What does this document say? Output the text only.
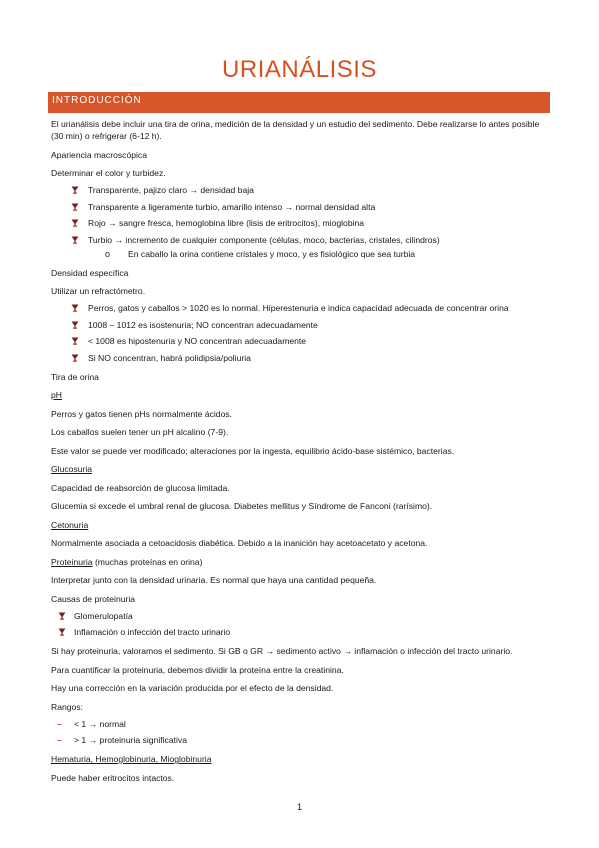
URIANÁLISIS
INTRODUCCIÓN

El urianálisis debe incluir una tira de orina, medición de la densidad y un estudio del sedimento. Debe realizarse lo antes posible (30 min) o refrigerar (6-12 h).

Apariencia macroscópica

Determinar el color y turbidez.

Transparente, pajizo claro → densidad baja
Transparente a ligeramente turbio, amarillo intenso → normal densidad alta
Rojo → sangre fresca, hemoglobina libre (lisis de eritrocitos), mioglobina
Turbio → incremento de cualquier componente (células, moco, bacterias, cristales, cilindros)
o En caballo la orina contiene cristales y moco, y es fisiológico que sea turbia

Densidad específica

Utilizar un refractómetro.

Perros, gatos y caballos > 1020 es lo normal. Hiperestenuria e indica capacidad adecuada de concentrar orina
1008 – 1012 es isostenuria; NO concentran adecuadamente
< 1008 es hipostenuria y NO concentran adecuadamente
Si NO concentran, habrá polidipsia/poliuria

Tira de orina

pH

Perros y gatos tienen pHs normalmente ácidos.

Los caballos suelen tener un pH alcalino (7-9).

Este valor se puede ver modificado; alteraciones por la ingesta, equilibrio ácido-base sistémico, bacterias.

Glucosuria

Capacidad de reabsorción de glucosa limitada.

Glucemia si excede el umbral renal de glucosa. Diabetes mellitus y Síndrome de Fanconi (rarísimo).

Cetonuria

Normalmente asociada a cetoacidosis diabética. Debido a la inanición hay acetoacetato y acetona.

Proteinuria (muchas proteínas en orina)

Interpretar junto con la densidad urinaria. Es normal que haya una cantidad pequeña.

Causas de proteinuria

Glomerulopatía
Inflamación o infección del tracto urinario

Si hay proteinuria, valoramos el sedimento. Si GB o GR → sedimento activo → inflamación o infección del tracto urinario.

Para cuantificar la proteinuria, debemos dividir la proteína entre la creatinina.

Hay una corrección en la variación producida por el efecto de la densidad.

Rangos:

– < 1 → normal
– > 1 → proteinuria significativa

Hematuria, Hemoglobinuria, Mioglobinuria

Puede haber eritrocitos intactos.

1
